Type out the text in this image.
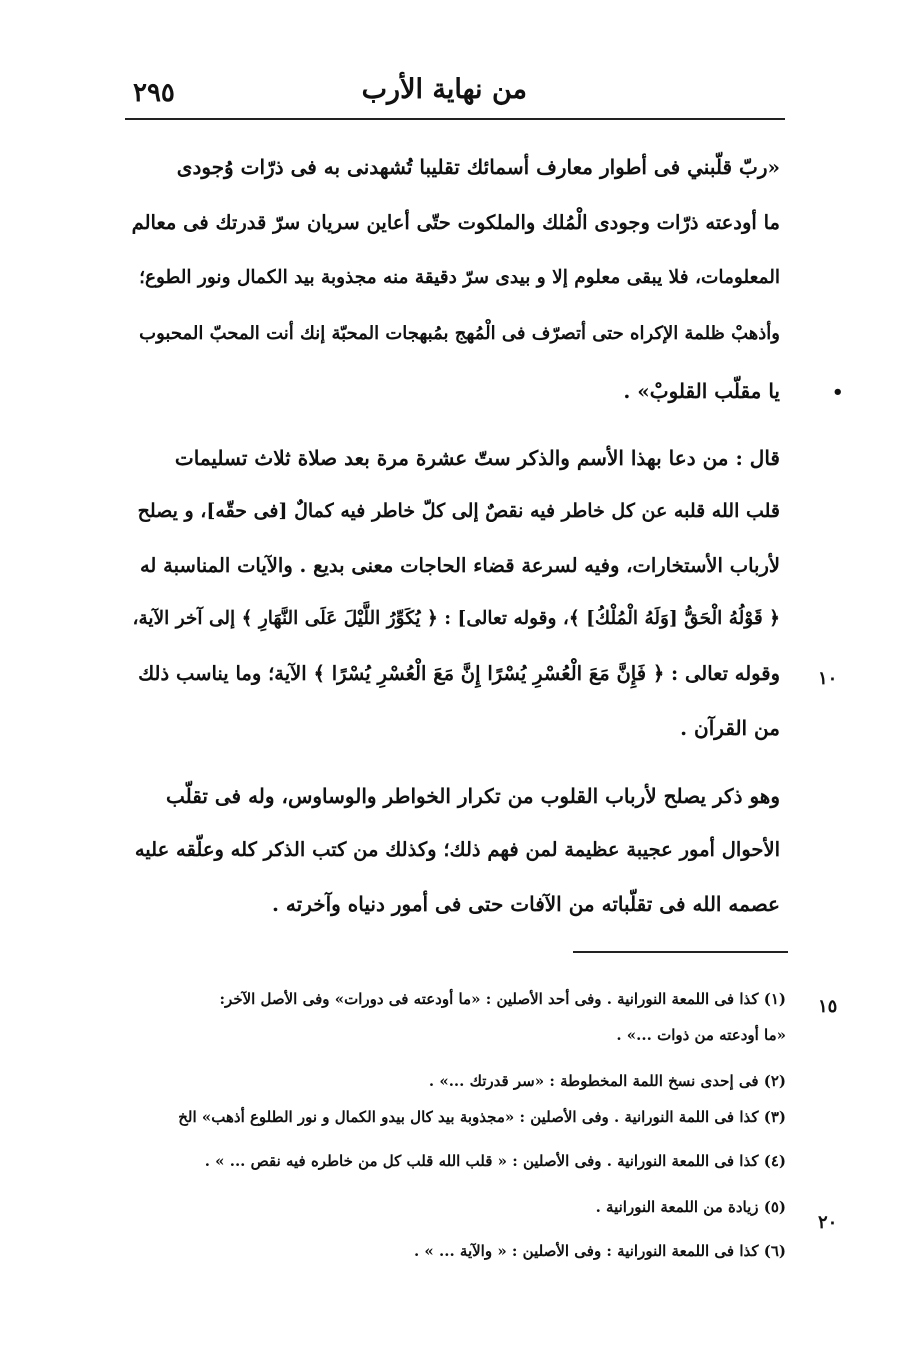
من نهاية الأرب
٢٩٥
«ربّ قلّبني فى أطوار معارف أسمائك تقليبا تُشهدنى به فى ذرّات وُجودى
ما أودعته ذرّات وجودى الْمُلك والملكوت حتّى أعاين سريان سرّ قدرتك فى معالم
المعلومات، فلا يبقى معلوم إلا و بيدى سرّ دقيقة منه مجذوبة بيد الكمال ونور الطوع؛
وأذهبْ ظلمة الإكراه حتى أتصرّف فى الْمُهج بمُبهجات المحبّة إنك أنت المحبّ المحبوب
يا مقلّب القلوبْ» .	•
قال : من دعا بهذا الأسم والذكر ستّ عشرة مرة بعد صلاة ثلاث تسليمات
قلب الله قلبه عن كل خاطر فيه نقصٌ إلى كلّ خاطر فيه كمالٌ [فى حقّه]، و يصلح
لأرباب الأستخارات، وفيه لسرعة قضاء الحاجات معنى بديع . والآيات المناسبة له
﴿ قَوْلُهُ الْحَقُّ [وَلَهُ الْمُلْكُ] ﴾، وقوله تعالى] : ﴿ يُكَوِّرُ اللَّيْلَ عَلَى النَّهَارِ ﴾ إلى آخر الآية،
وقوله تعالى : ﴿ فَإِنَّ مَعَ الْعُسْرِ يُسْرًا إِنَّ مَعَ الْعُسْرِ يُسْرًا ﴾ الآية؛ وما يناسب ذلك
من القرآن .
١٠
وهو ذكر يصلح لأرباب القلوب من تكرار الخواطر والوساوس، وله فى تقلّب
الأحوال أمور عجيبة عظيمة لمن فهم ذلك؛ وكذلك من كتب الذكر كله وعلّقه عليه
عصمه الله فى تقلّباته من الآفات حتى فى أمور دنياه وآخرته .
(١) كذا فى اللمعة النورانية . وفى أحد الأصلين : «ما أودعته فى دورات» وفى الأصل الآخر:
«ما أودعته من ذوات ...» .
(٢) فى إحدى نسخ اللمة المخطوطة : «سر قدرتك ...» .
(٣) كذا فى اللمة النورانية . وفى الأصلين : «مجذوبة بيد كال بيدو الكمال و نور الطلوع أذهب» الخ
(٤) كذا فى اللمعة النورانية . وفى الأصلين : « قلب الله قلب كل من خاطره فيه نقص ... » .
(٥) زيادة من اللمعة النورانية .
(٦) كذا فى اللمعة النورانية : وفى الأصلين : « والآية ... » .
١٥
٢٠
